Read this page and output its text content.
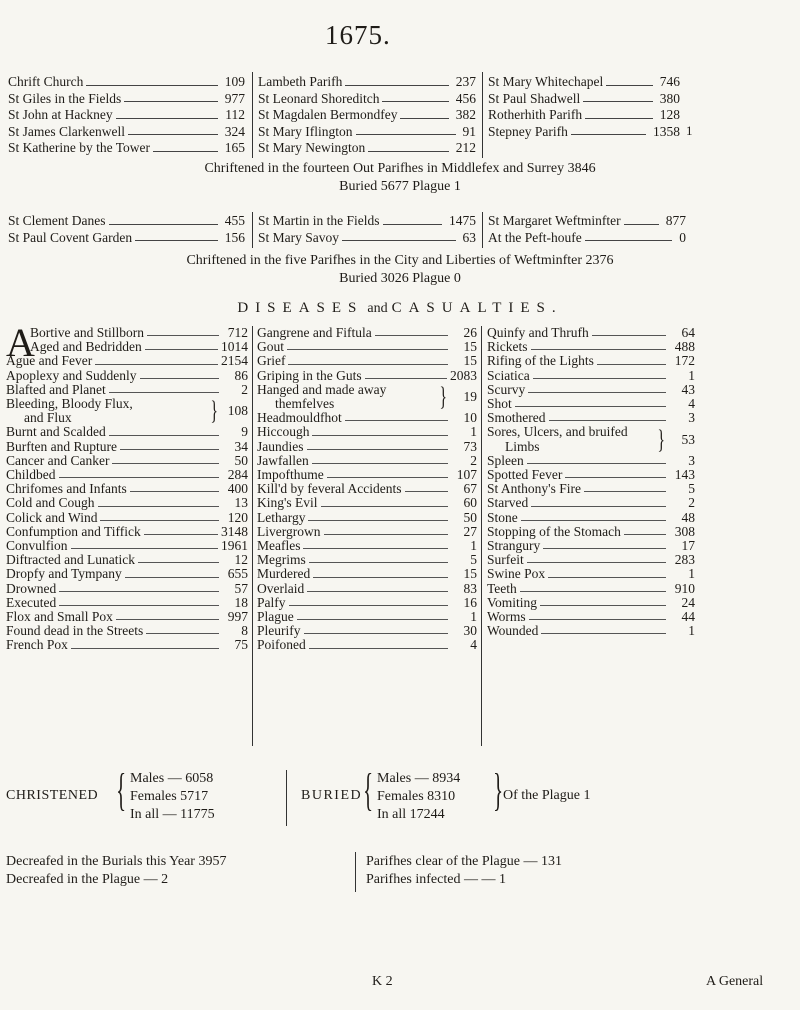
1675.
Chrift Church	109
St Giles in the Fields	977
St John at Hackney	112
St James Clarkenwell	324
St Katherine by the Tower	165
Lambeth Parifh	237
St Leonard Shoreditch	456
St Magdalen Bermondfey	382
St Mary Iflington	91
St Mary Newington	212
St Mary Whitechapel	746
St Paul Shadwell	380
Rotherhith Parifh	128
Stepney Parifh	1358 1
Chriftened in the fourteen Out Parifhes in Middlefex and Surrey 3846
Buried 5677 Plague 1
St Clement Danes	455
St Paul Covent Garden	156
St Martin in the Fields	1475
St Mary Savoy	63
St Margaret Weftminfter	877
At the Peft-houfe	0
Chriftened in the five Parifhes in the City and Liberties of Weftminfter 2376
Buried 3026 Plague 0
DISEASES and CASUALTIES.
A
Bortive and Stillborn	712
Aged and Bedridden	1014
Ague and Fever	2154
Apoplexy and Suddenly	86
Blafted and Planet	2
Bleeding, Bloody Flux,
and Flux	} 108
Burnt and Scalded	9
Burften and Rupture	34
Cancer and Canker	50
Childbed	284
Chrifomes and Infants	400
Cold and Cough	13
Colick and Wind	120
Confumption and Tiffick	3148
Convulfion	1961
Diftracted and Lunatick	12
Dropfy and Tympany	655
Drowned	57
Executed	18
Flox and Small Pox	997
Found dead in the Streets	8
French Pox	75
Gangrene and Fiftula	26
Gout	15
Grief	15
Griping in the Guts	2083
Hanged and made away
themfelves	}	19
Headmouldfhot	10
Hiccough	1
Jaundies	73
Jawfallen	2
Impofthume	107
Kill'd by feveral Accidents	67
King's Evil	60
Lethargy	50
Livergrown	27
Meafles	1
Megrims	5
Murdered	15
Overlaid	83
Palfy	16
Plague	1
Pleurify	30
Poifoned	4
Quinfy and Thrufh	64
Rickets	488
Rifing of the Lights	172
Sciatica	1
Scurvy	43
Shot	4
Smothered	3
Sores, Ulcers, and bruifed
Limbs	}	53
Spleen	3
Spotted Fever	143
St Anthony's Fire	5
Starved	2
Stone	48
Stopping of the Stomach	308
Strangury	17
Surfeit	283
Swine Pox	1
Teeth	910
Vomiting	24
Worms	44
Wounded	1
CHRISTENED { Males — 6058
Females 5717
In all — 11775
BURIED { Males — 8934
Females 8310
In all 17244	} Of the Plague 1
Decreafed in the Burials this Year 3957
Decreafed in the Plague — 2
Parifhes clear of the Plague — 131
Parifhes infected — — 1
K 2	A General
